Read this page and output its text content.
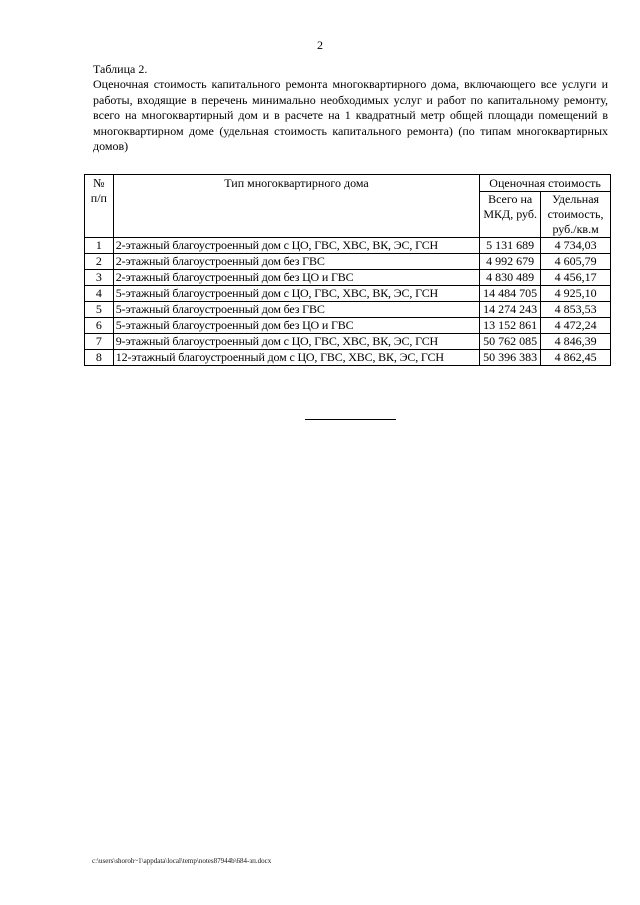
2

Таблица 2.

Оценочная стоимость капитального ремонта многоквартирного дома, включающего все услуги и работы, входящие в перечень минимально необходимых услуг и работ по капитальному ремонту, всего на многоквартирный дом и в расчете на 1 квадратный метр общей площади помещений в многоквартирном доме (удельная стоимость капитального ремонта) (по типам многоквартирных домов)

№ п/п	Тип многоквартирного дома	Оценочная стоимость	
		Всего на МКД, руб.	Удельная стоимость, руб./кв.м
1	2-этажный благоустроенный дом с ЦО, ГВС, ХВС, ВК, ЭС, ГСН	5 131 689	4 734,03
2	2-этажный благоустроенный дом без ГВС	4 992 679	4 605,79
3	2-этажный благоустроенный дом без ЦО и ГВС	4 830 489	4 456,17
4	5-этажный благоустроенный дом с ЦО, ГВС, ХВС, ВК, ЭС, ГСН	14 484 705	4 925,10
5	5-этажный благоустроенный дом без ГВС	14 274 243	4 853,53
6	5-этажный благоустроенный дом без ЦО и ГВС	13 152 861	4 472,24
7	9-этажный благоустроенный дом с ЦО, ГВС, ХВС, ВК, ЭС, ГСН	50 762 085	4 846,39
8	12-этажный благоустроенный дом с ЦО, ГВС, ХВС, ВК, ЭС, ГСН	50 396 383	4 862,45
c:\users\shoroh~1\appdata\local\temp\notes87944b\684-зп.docx
